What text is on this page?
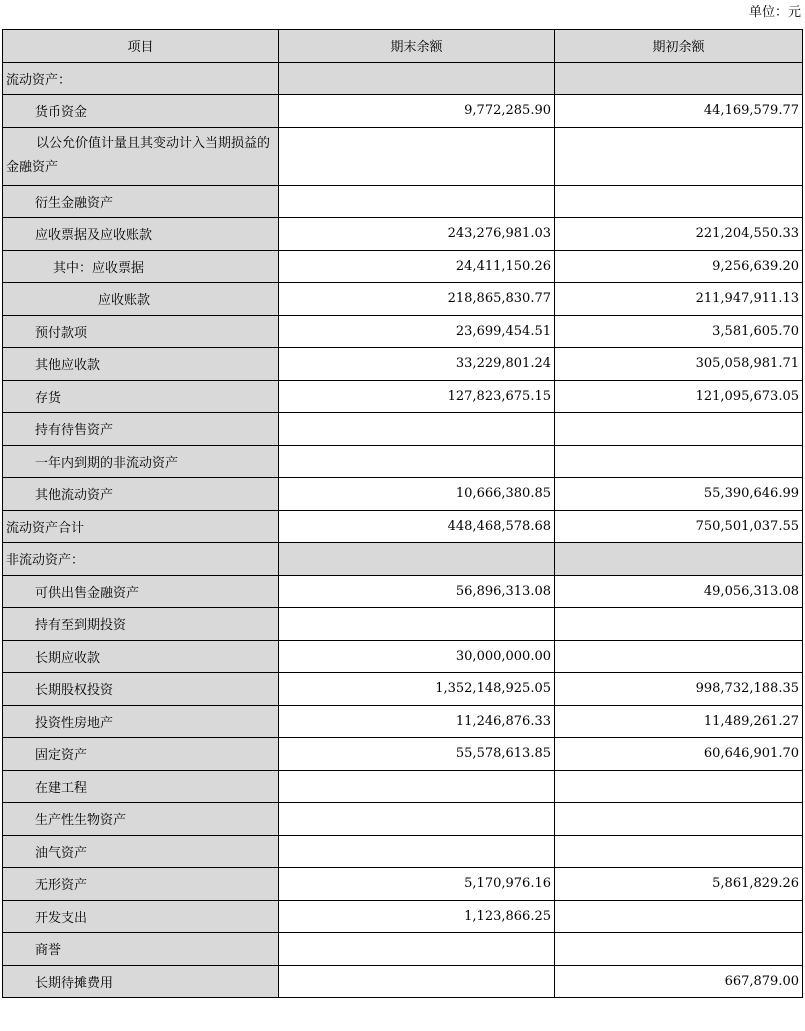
单位：元
项目	期末余额	期初余额
流动资产：		
货币资金	9,772,285.90	44,169,579.77
以公允价值计量且其变动计入当期损益的金融资产		
衍生金融资产		
应收票据及应收账款	243,276,981.03	221,204,550.33
其中：应收票据	24,411,150.26	9,256,639.20
应收账款	218,865,830.77	211,947,911.13
预付款项	23,699,454.51	3,581,605.70
其他应收款	33,229,801.24	305,058,981.71
存货	127,823,675.15	121,095,673.05
持有待售资产		
一年内到期的非流动资产		
其他流动资产	10,666,380.85	55,390,646.99
流动资产合计	448,468,578.68	750,501,037.55
非流动资产：		
可供出售金融资产	56,896,313.08	49,056,313.08
持有至到期投资		
长期应收款	30,000,000.00	
长期股权投资	1,352,148,925.05	998,732,188.35
投资性房地产	11,246,876.33	11,489,261.27
固定资产	55,578,613.85	60,646,901.70
在建工程		
生产性生物资产		
油气资产		
无形资产	5,170,976.16	5,861,829.26
开发支出	1,123,866.25	
商誉		
长期待摊费用		667,879.00
